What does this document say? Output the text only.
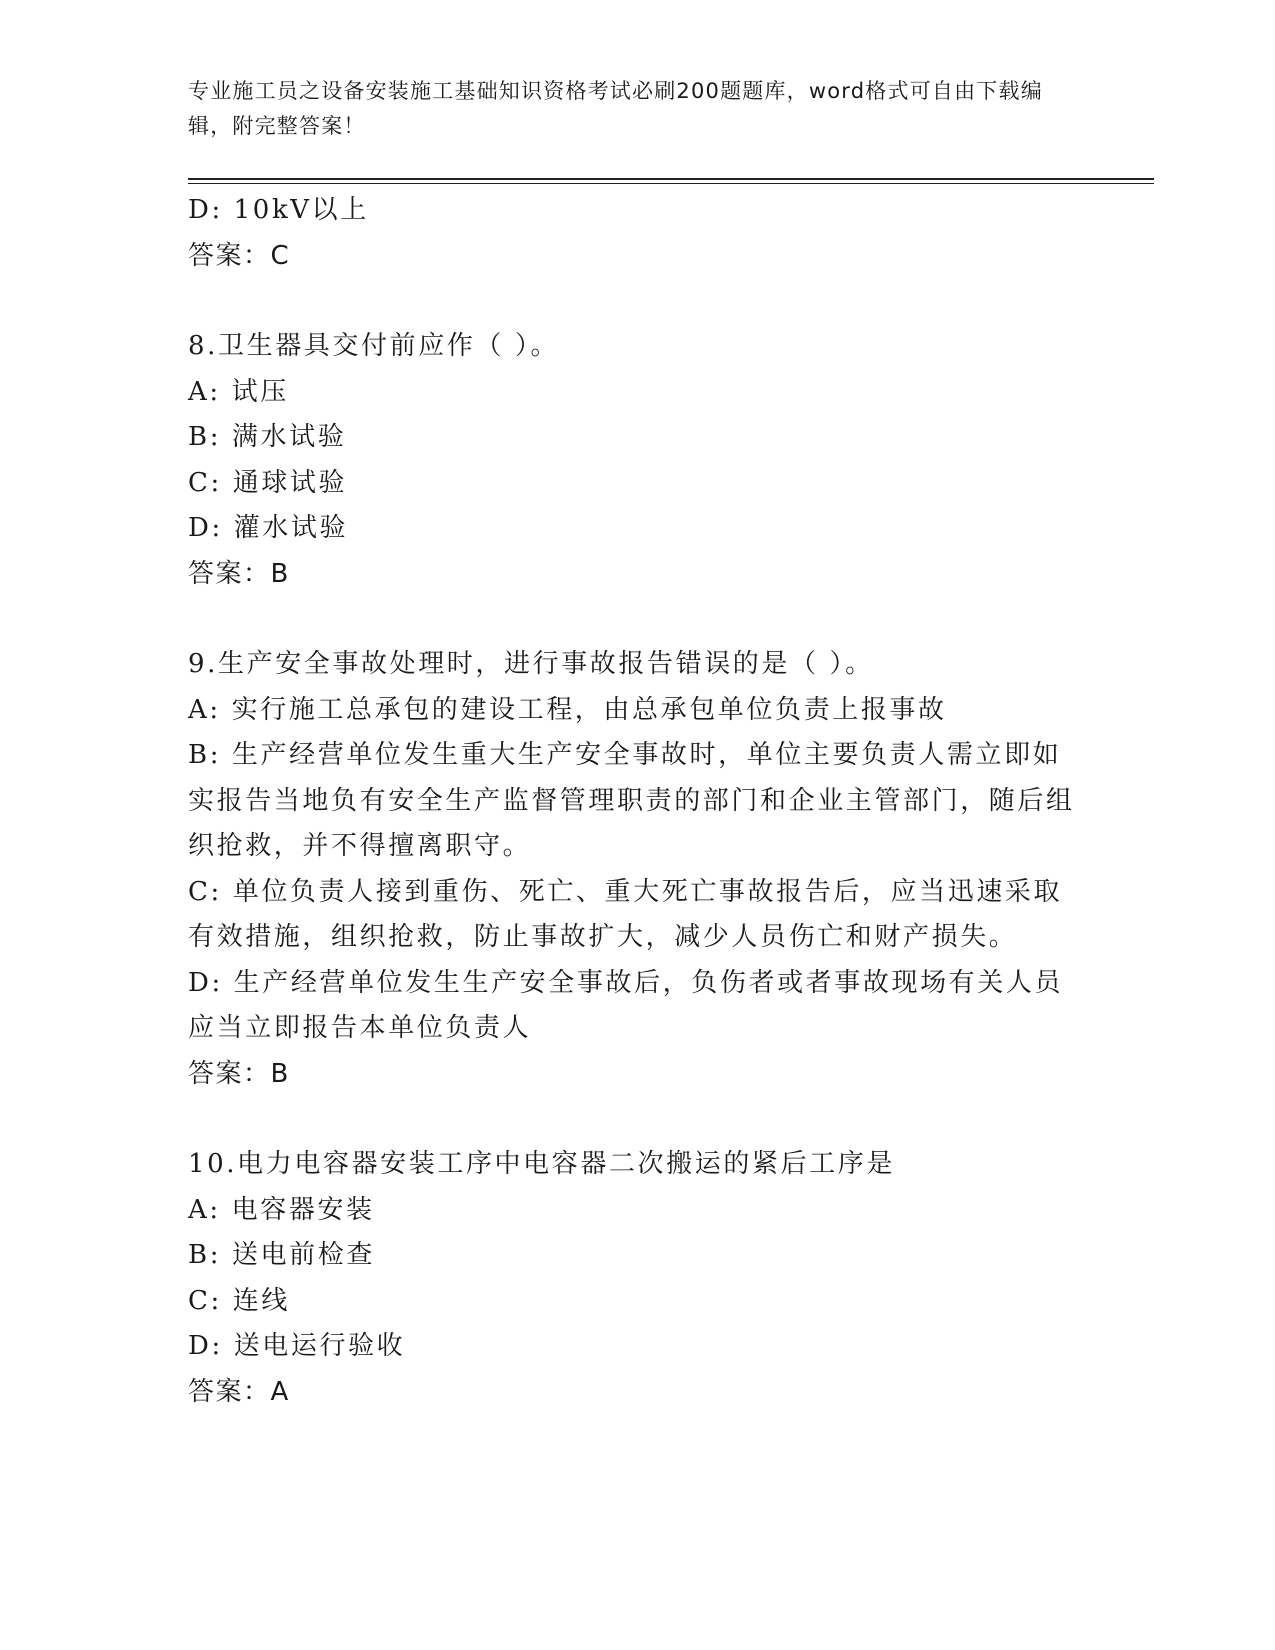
专业施工员之设备安装施工基础知识资格考试必刷200题题库，word格式可自由下载编辑，附完整答案！
D: 10kV以上
答案：C
8.卫生器具交付前应作（ ）。
A: 试压
B: 满水试验
C: 通球试验
D: 灌水试验
答案：B
9.生产安全事故处理时，进行事故报告错误的是（ ）。
A: 实行施工总承包的建设工程，由总承包单位负责上报事故
B: 生产经营单位发生重大生产安全事故时，单位主要负责人需立即如实报告当地负有安全生产监督管理职责的部门和企业主管部门，随后组织抢救，并不得擅离职守。
C: 单位负责人接到重伤、死亡、重大死亡事故报告后，应当迅速采取有效措施，组织抢救，防止事故扩大，减少人员伤亡和财产损失。
D: 生产经营单位发生生产安全事故后，负伤者或者事故现场有关人员应当立即报告本单位负责人
答案：B
10.电力电容器安装工序中电容器二次搬运的紧后工序是
A: 电容器安装
B: 送电前检查
C: 连线
D: 送电运行验收
答案：A
